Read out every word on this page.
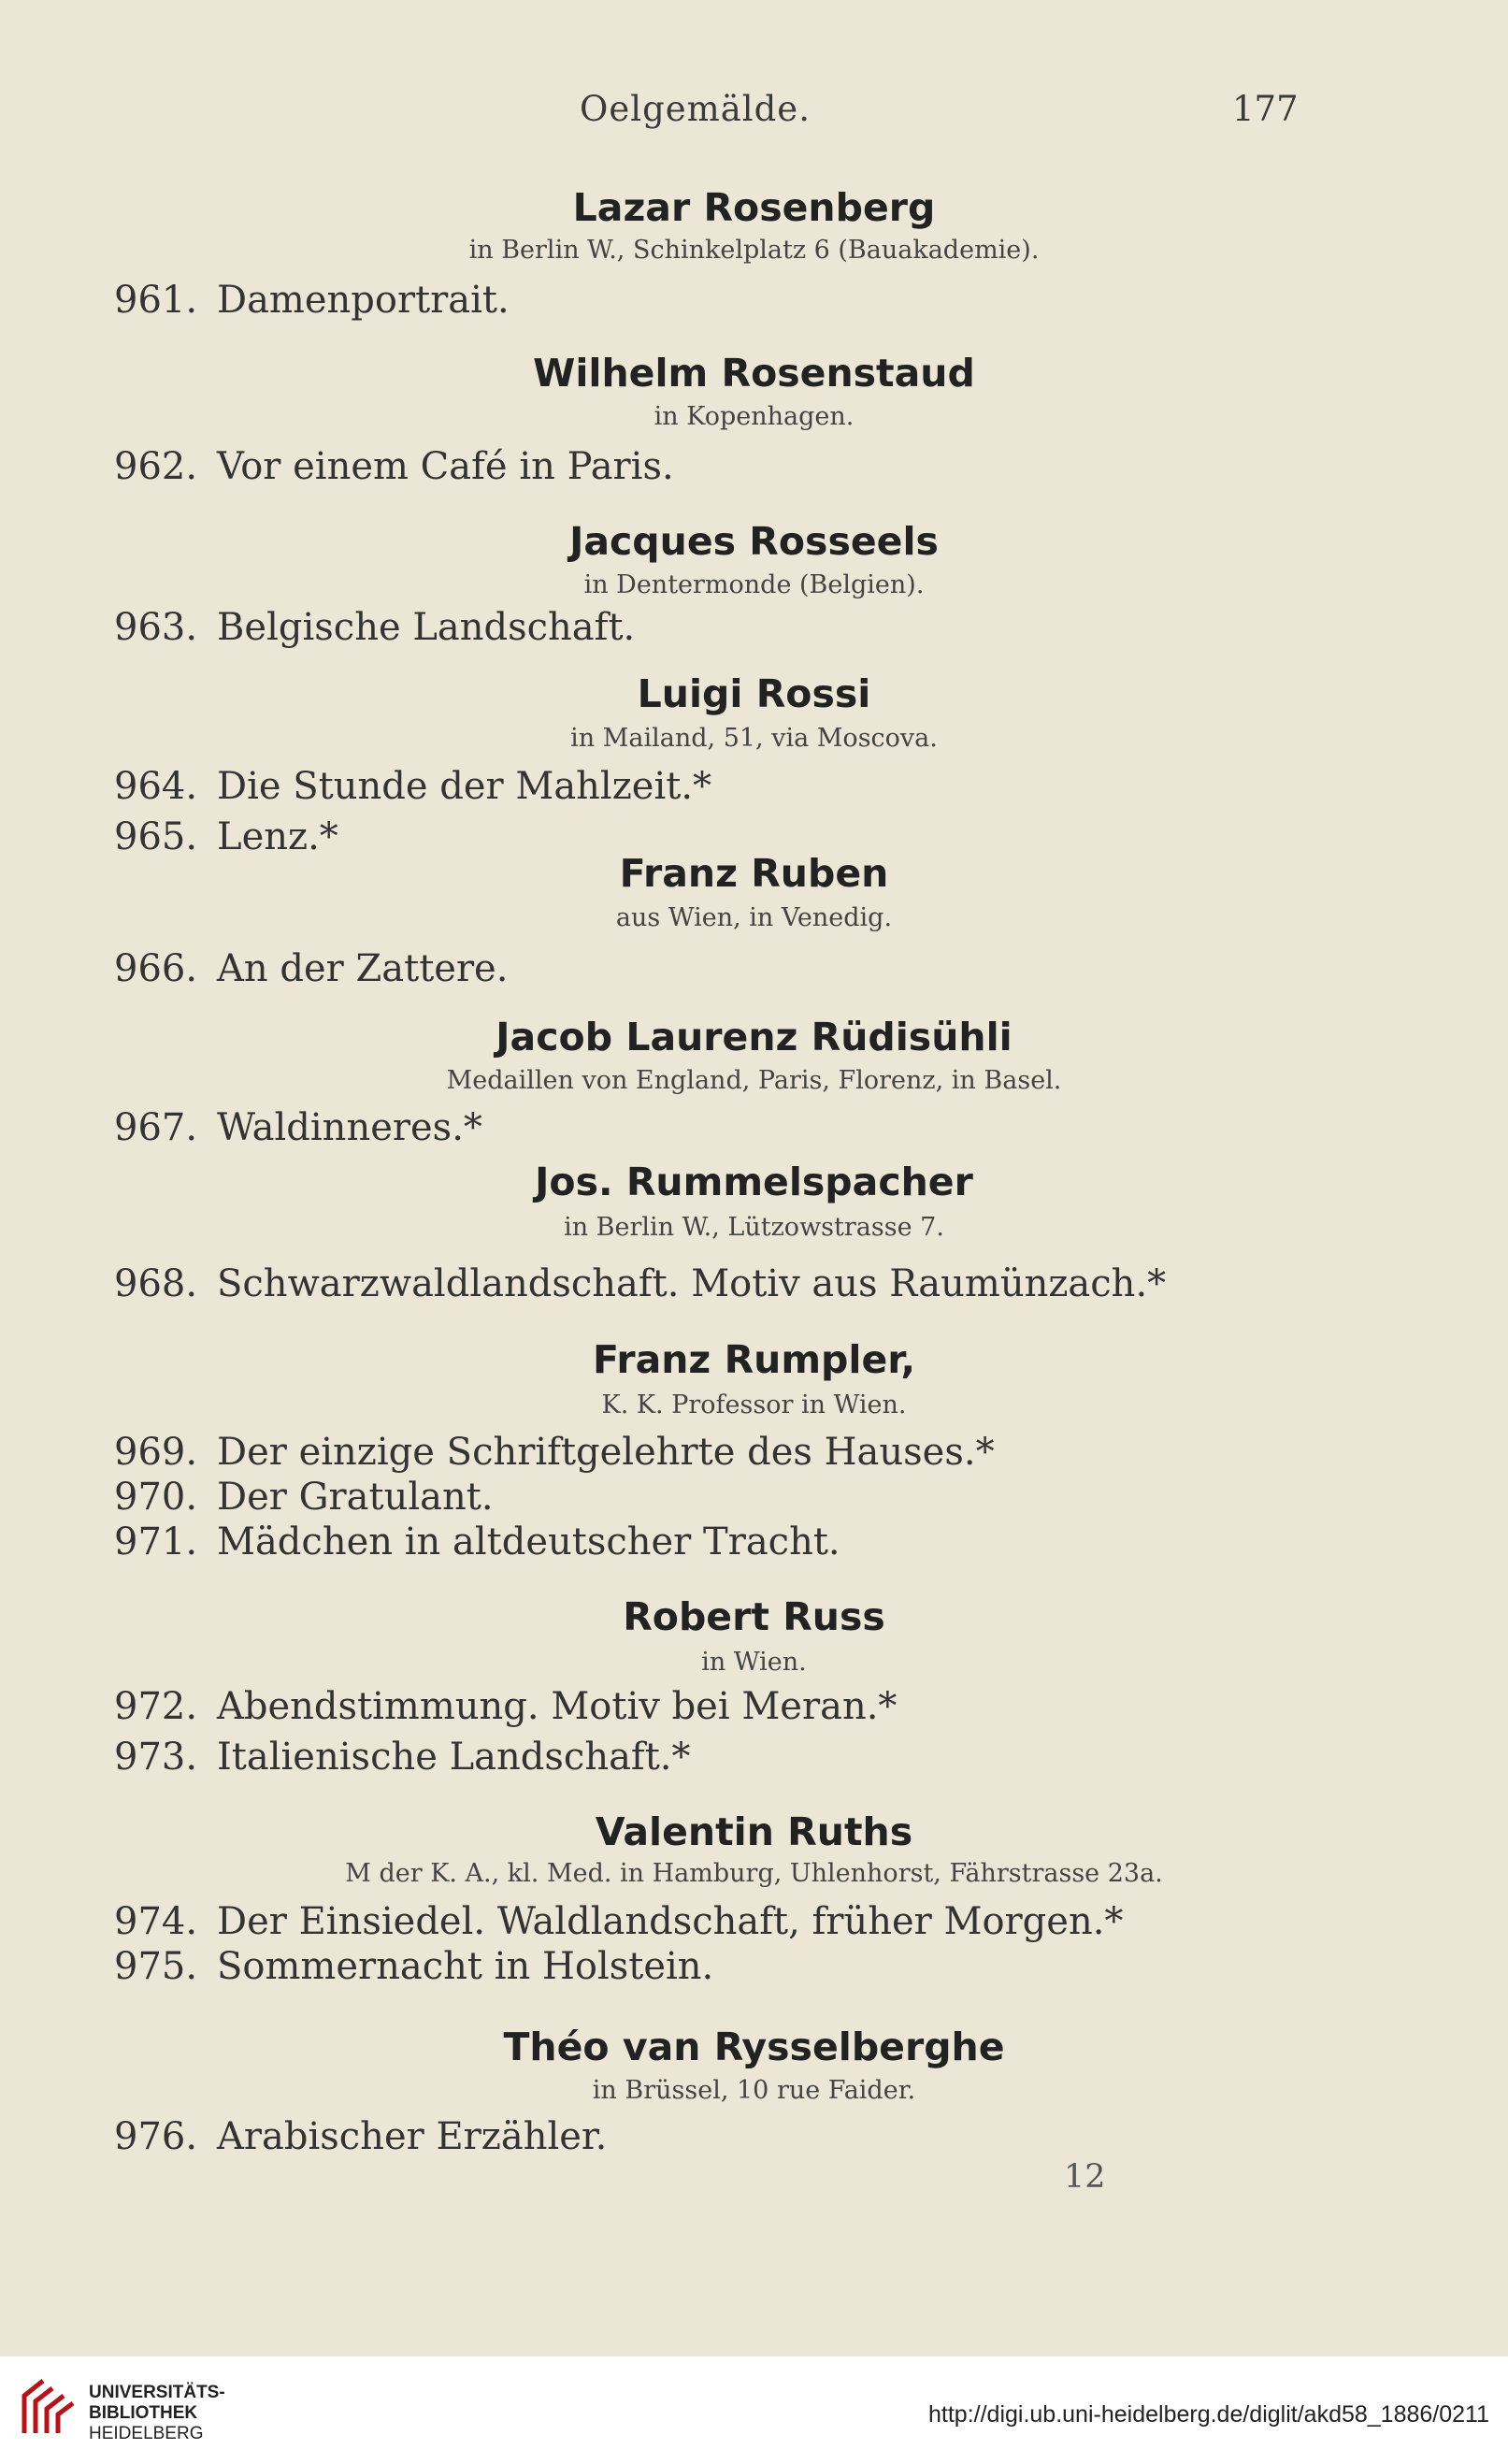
Oelgemälde.	177
Lazar Rosenberg
in Berlin W., Schinkelplatz 6 (Bauakademie).
961. Damenportrait.
Wilhelm Rosenstaud
in Kopenhagen.
962. Vor einem Café in Paris.
Jacques Rosseels
in Dentermonde (Belgien).
963. Belgische Landschaft.
Luigi Rossi
in Mailand, 51, via Moscova.
964. Die Stunde der Mahlzeit.*
965. Lenz.*
Franz Ruben
aus Wien, in Venedig.
966. An der Zattere.
Jacob Laurenz Rüdisühli
Medaillen von England, Paris, Florenz, in Basel.
967. Waldinneres.*
Jos. Rummelspacher
in Berlin W., Lützowstrasse 7.
968. Schwarzwaldlandschaft. Motiv aus Raumünzach.*
Franz Rumpler,
K. K. Professor in Wien.
969. Der einzige Schriftgelehrte des Hauses.*
970. Der Gratulant.
971. Mädchen in altdeutscher Tracht.
Robert Russ
in Wien.
972. Abendstimmung. Motiv bei Meran.*
973. Italienische Landschaft.*
Valentin Ruths
M der K. A., kl. Med. in Hamburg, Uhlenhorst, Fährstrasse 23a.
974. Der Einsiedel. Waldlandschaft, früher Morgen.*
975. Sommernacht in Holstein.
Théo van Rysselberghe
in Brüssel, 10 rue Faider.
976. Arabischer Erzähler.
12
UNIVERSITÄTS-
BIBLIOTHEK
HEIDELBERG
http://digi.ub.uni-heidelberg.de/diglit/akd58_1886/0211
